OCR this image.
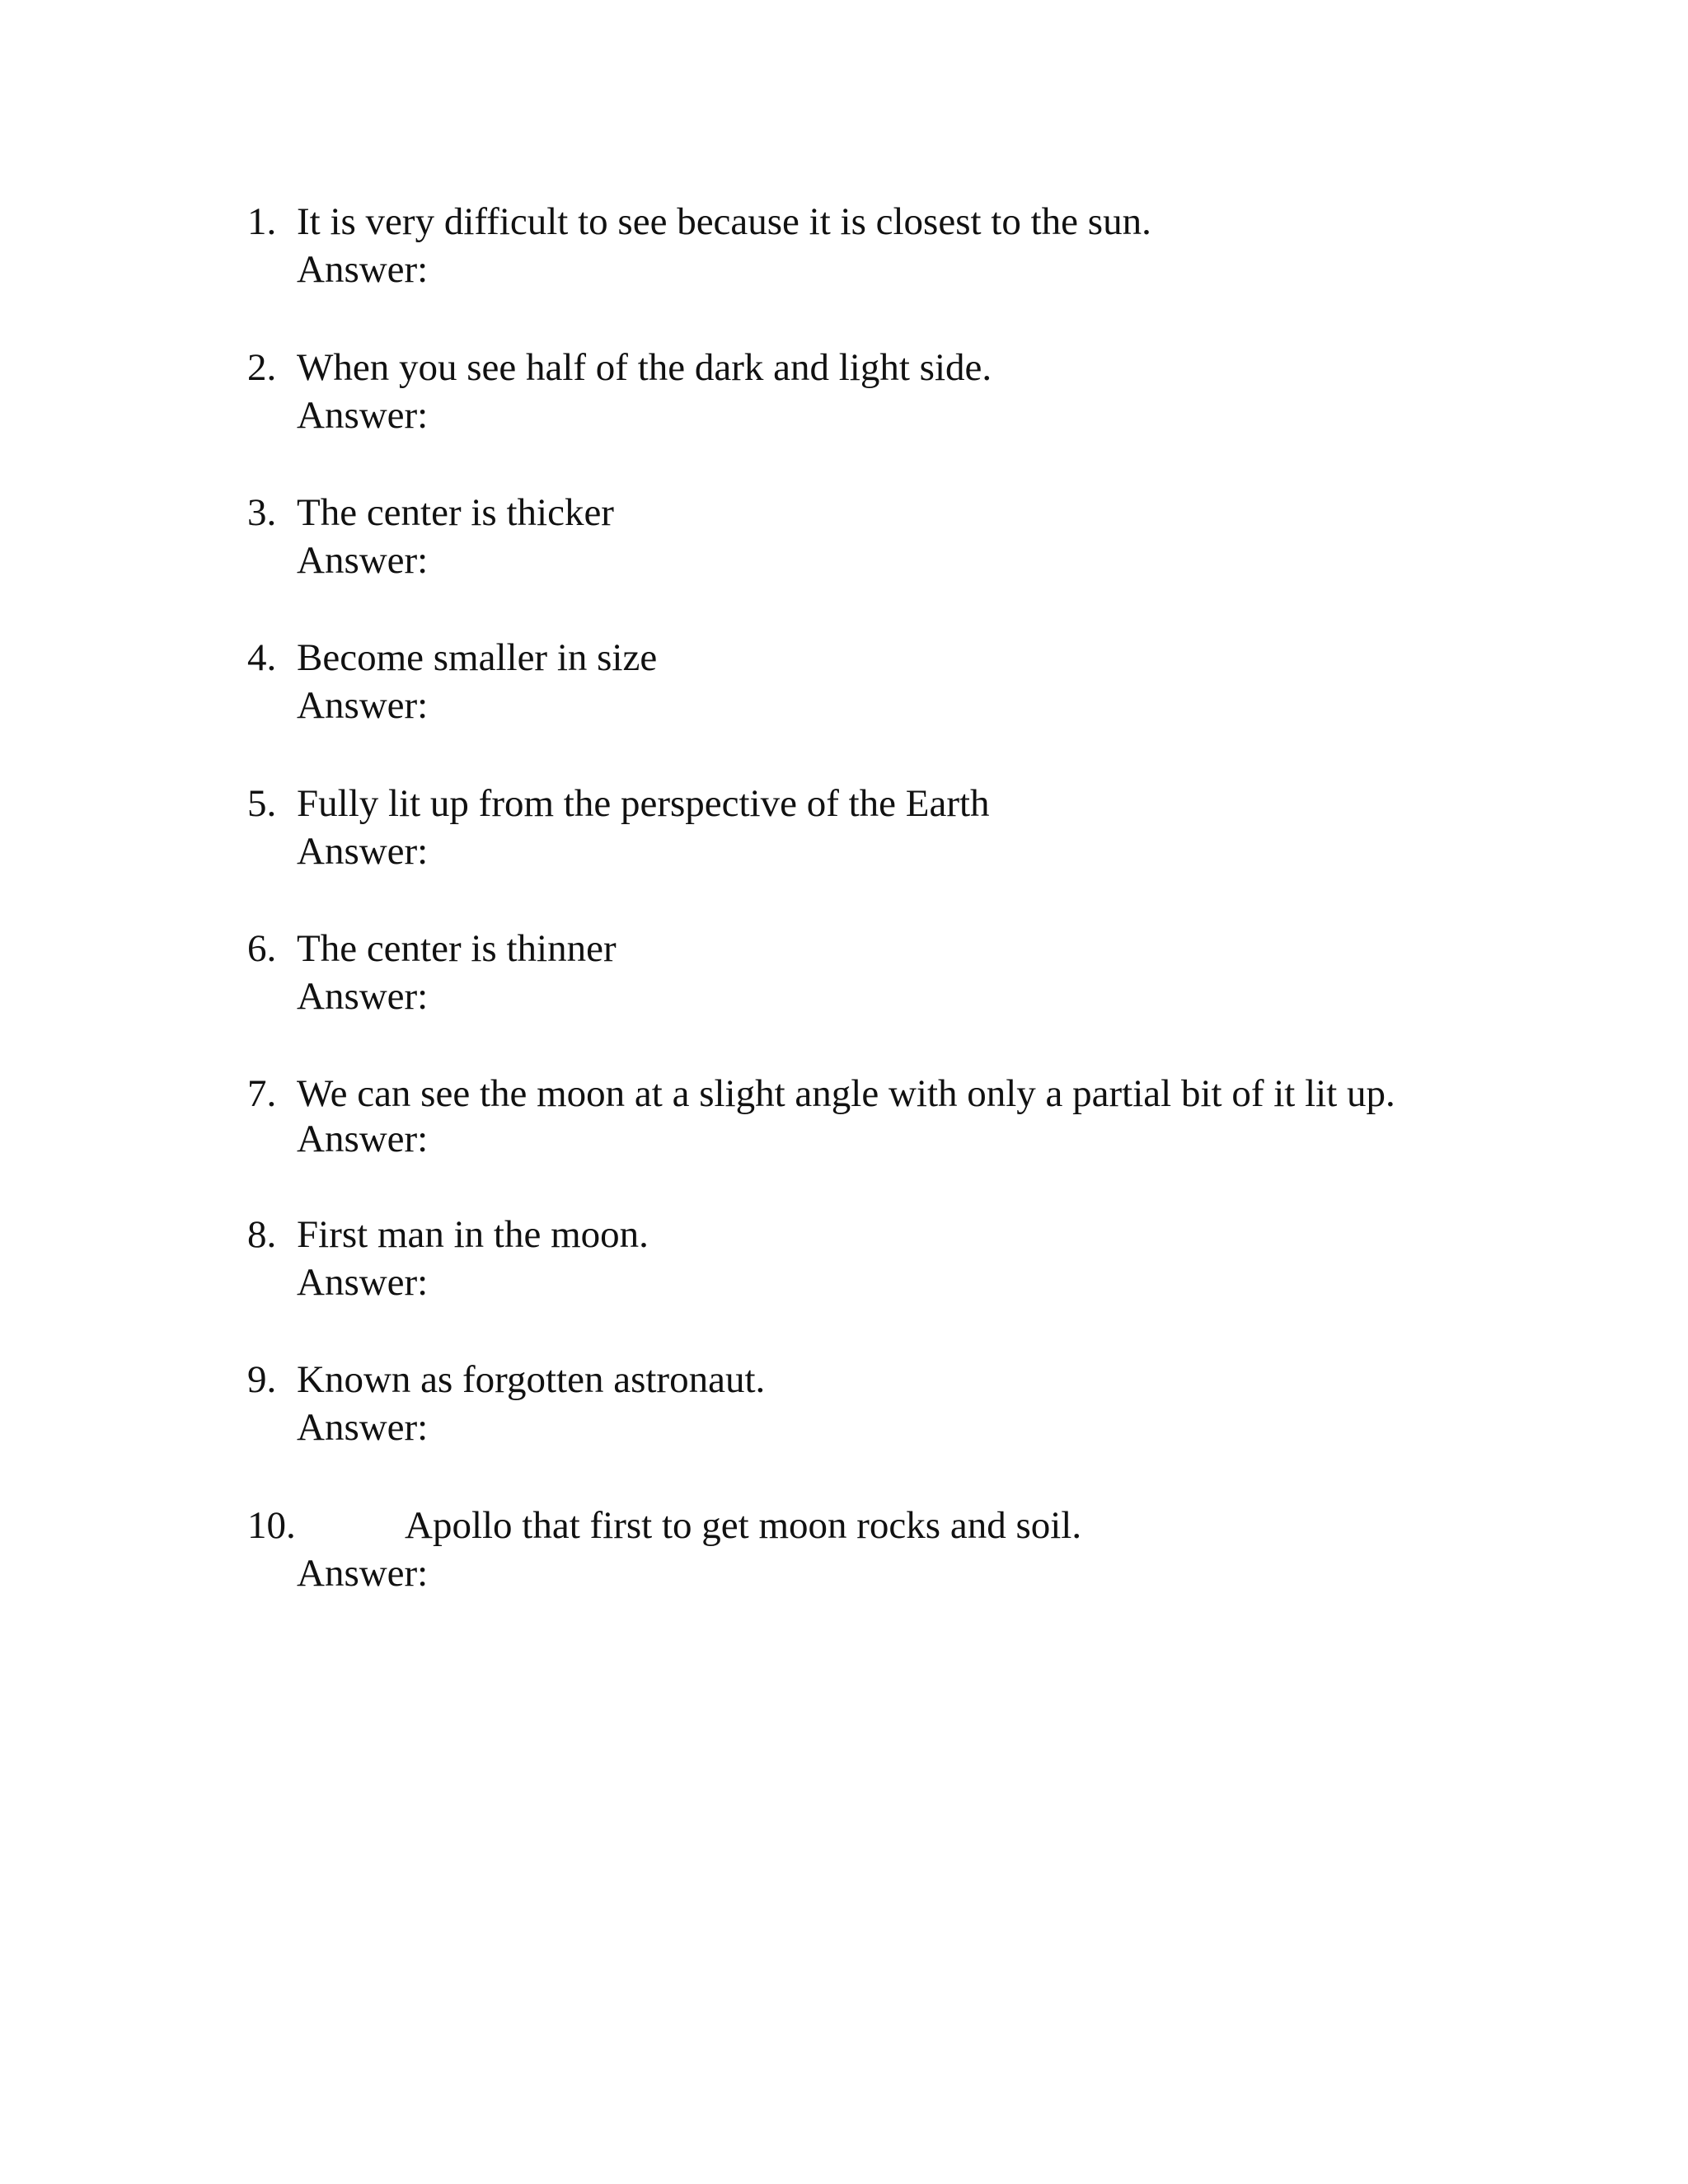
1. It is very difficult to see because it is closest to the sun.
Answer:
2. When you see half of the dark and light side.
Answer:
3. The center is thicker
Answer:
4. Become smaller in size
Answer:
5. Fully lit up from the perspective of the Earth
Answer:
6. The center is thinner
Answer:
7. We can see the moon at a slight angle with only a partial bit of it lit up.
Answer:
8. First man in the moon.
Answer:
9. Known as forgotten astronaut.
Answer:
10.	Apollo that first to get moon rocks and soil.
Answer:
